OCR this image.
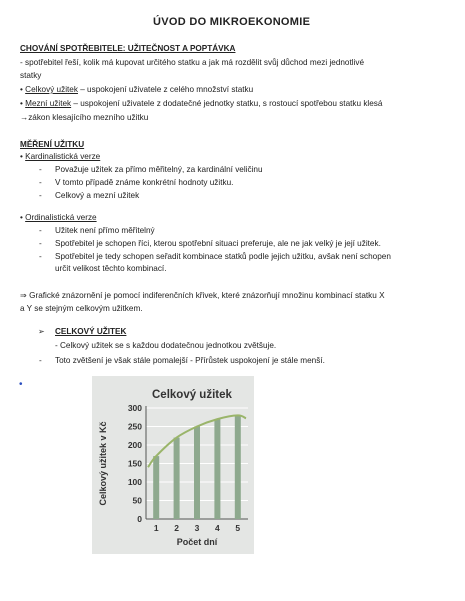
ÚVOD DO MIKROEKONOMIE
CHOVÁNÍ SPOTŘEBITELE: UŽITEČNOST A POPTÁVKA
- spotřebitel řeší, kolik má kupovat určitého statku a jak má rozdělit svůj důchod mezi jednotlivé
statky
• Celkový užitek – uspokojení uživatele z celého množství statku
• Mezní užitek – uspokojení uživatele z dodatečné jednotky statku, s rostoucí spotřebou statku klesá
→zákon klesajícího mezního užitku
MĚŘENÍ UŽITKU
• Kardinalistická verze
- Považuje užitek za přímo měřitelný, za kardinální veličinu
- V tomto případě známe konkrétní hodnoty užitku.
- Celkový a mezní užitek
• Ordinalistická verze
- Užitek není přímo měřitelný
- Spotřebitel je schopen říci, kterou spotřební situaci preferuje, ale ne jak velký je její užitek.
- Spotřebitel je tedy schopen seřadit kombinace statků podle jejich užitku, avšak není schopen
určit velikost těchto kombinací.
⇒ Grafické znázornění je pomocí indiferenčních křivek, které znázorňují množinu kombinací statku X
a Y se stejným celkovým užitkem.
➢ CELKOVÝ UŽITEK
- Celkový užitek se s každou dodatečnou jednotkou zvětšuje.
- Toto zvětšení je však stále pomalejší - Přírůstek uspokojení je stále menší.
•
Celkový užitek
0
50
100
150
200
250
300
1 2 3 4 5
Počet dní
Celkový užitek v Kč
